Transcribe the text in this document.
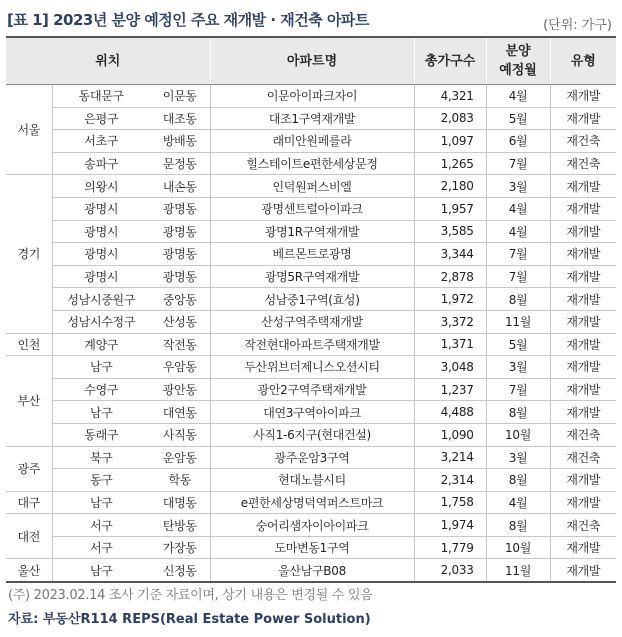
[표 1] 2023년 분양 예정인 주요 재개발 · 재건축 아파트	(단위: 가구)
위치			아파트명	총가구수	분양
예정월	유형
서울	동대문구	이문동	이문아이파크자이	4,321	4월	재개발
	은평구	대조동	대조1구역재개발	2,083	5월	재개발
	서초구	방배동	래미안원페를라	1,097	6월	재건축
	송파구	문정동	힐스테이트e편한세상문정	1,265	7월	재건축
경기	의왕시	내손동	인덕원퍼스비엘	2,180	3월	재개발
	광명시	광명동	광명센트럴아이파크	1,957	4월	재개발
	광명시	광명동	광명1R구역재개발	3,585	4월	재개발
	광명시	광명동	베르몬트로광명	3,344	7월	재개발
	광명시	광명동	광명5R구역재개발	2,878	7월	재개발
	성남시중원구	중앙동	성남중1구역(효성)	1,972	8월	재개발
	성남시수정구	산성동	산성구역주택재개발	3,372	11월	재개발
인천	계양구	작전동	작전현대아파트주택재개발	1,371	5월	재개발
부산	남구	우암동	두산위브더제니스오션시티	3,048	3월	재개발
	수영구	광안동	광안2구역주택재개발	1,237	7월	재개발
	남구	대연동	대연3구역아이파크	4,488	8월	재개발
	동래구	사직동	사직1-6지구(현대건설)	1,090	10월	재건축
광주	북구	운암동	광주운암3구역	3,214	3월	재건축
	동구	학동	현대노블시티	2,314	8월	재개발
대구	남구	대명동	e편한세상명덕역퍼스트마크	1,758	4월	재개발
대전	서구	탄방동	숭어리샘자이아이파크	1,974	8월	재건축
	서구	가장동	도마변동1구역	1,779	10월	재개발
울산	남구	신정동	울산남구B08	2,033	11월	재개발
(주) 2023.02.14 조사 기준 자료이며, 상기 내용은 변경될 수 있음
자료: 부동산R114 REPS(Real Estate Power Solution)
